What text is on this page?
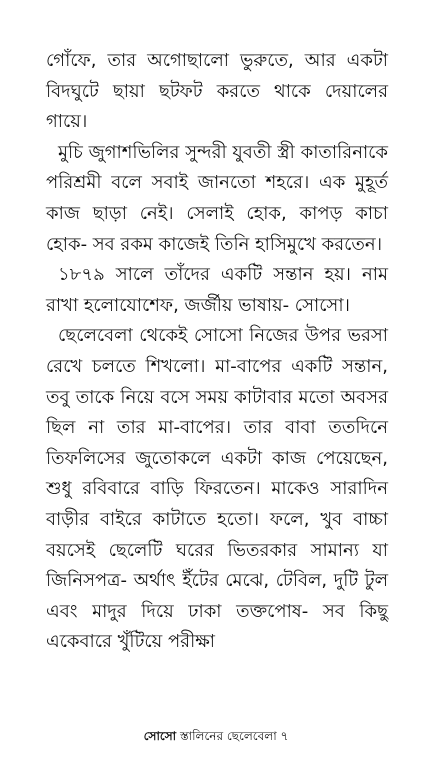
গোঁফে, তার অগোছালো ভুরুতে, আর একটা বিদঘুটে ছায়া ছটফট করতে থাকে দেয়ালের গায়ে।

মুচি জুগাশভিলির সুন্দরী যুবতী স্ত্রী কাতারিনাকে পরিশ্রমী বলে সবাই জানতো শহরে। এক মুহূর্ত কাজ ছাড়া নেই। সেলাই হোক, কাপড় কাচা হোক- সব রকম কাজেই তিনি হাসিমুখে করতেন।

১৮৭৯ সালে তাঁদের একটি সন্তান হয়। নাম রাখা হলোযোশেফ, জর্জীয় ভাষায়- সোসো।

ছেলেবেলা থেকেই সোসো নিজের উপর ভরসা রেখে চলতে শিখলো। মা-বাপের একটি সন্তান, তবু তাকে নিয়ে বসে সময় কাটাবার মতো অবসর ছিল না তার মা-বাপের। তার বাবা ততদিনে তিফলিসের জুতোকলে একটা কাজ পেয়েছেন, শুধু রবিবারে বাড়ি ফিরতেন। মাকেও সারাদিন বাড়ীর বাইরে কাটাতে হতো। ফলে, খুব বাচ্চা বয়সেই ছেলেটি ঘরের ভিতরকার সামান্য যা জিনিসপত্র- অর্থাৎ ইঁটের মেঝে, টেবিল, দুটি টুল এবং মাদুর দিয়ে ঢাকা তক্তপোষ- সব কিছু একেবারে খুঁটিয়ে পরীক্ষা

সোসো স্তালিনের ছেলেবেলা ৭
